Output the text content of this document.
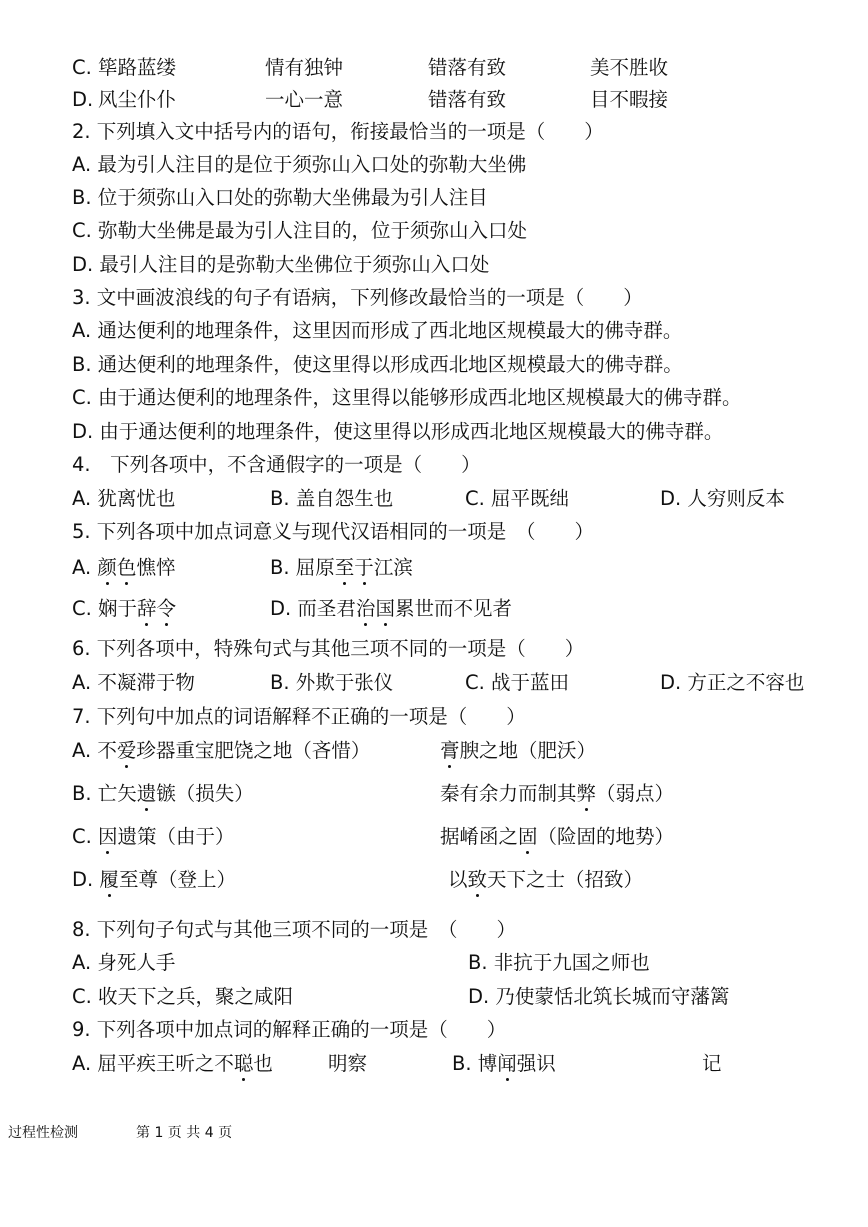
C. 筚路蓝缕	情有独钟	错落有致	美不胜收
D. 风尘仆仆	一心一意	错落有致	目不暇接
2. 下列填入文中括号内的语句，衔接最恰当的一项是（　　）
A. 最为引人注目的是位于须弥山入口处的弥勒大坐佛
B. 位于须弥山入口处的弥勒大坐佛最为引人注目
C. 弥勒大坐佛是最为引人注目的，位于须弥山入口处
D. 最引人注目的是弥勒大坐佛位于须弥山入口处
3. 文中画波浪线的句子有语病，下列修改最恰当的一项是（　　）
A. 通达便利的地理条件，这里因而形成了西北地区规模最大的佛寺群。
B. 通达便利的地理条件，使这里得以形成西北地区规模最大的佛寺群。
C. 由于通达便利的地理条件，这里得以能够形成西北地区规模最大的佛寺群。
D. 由于通达便利的地理条件，使这里得以形成西北地区规模最大的佛寺群。
4.　下列各项中，不含通假字的一项是（　　）
A. 犹离忧也	B. 盖自怨生也	C. 屈平既绌	D. 人穷则反本
5. 下列各项中加点词意义与现代汉语相同的一项是　（　　）
A. 颜色憔悴	B. 屈原至于江滨
C. 娴于辞令	D. 而圣君治国累世而不见者
6. 下列各项中，特殊句式与其他三项不同的一项是（　　）
A. 不凝滞于物	B. 外欺于张仪	C. 战于蓝田	D. 方正之不容也
7. 下列句中加点的词语解释不正确的一项是（　　）
A. 不爱珍器重宝肥饶之地（吝惜）	膏腴之地（肥沃）
B. 亡矢遗镞（损失）	秦有余力而制其弊（弱点）
C. 因遗策（由于）	据崤函之固（险固的地势）
D. 履至尊（登上）	以致天下之士（招致）
8. 下列句子句式与其他三项不同的一项是　（　　）
A. 身死人手	B. 非抗于九国之师也
C. 收天下之兵，聚之咸阳	D. 乃使蒙恬北筑长城而守藩篱
9. 下列各项中加点词的解释正确的一项是（　　）
A. 屈平疾王听之不聪也	明察	B. 博闻强识	记
过程性检测	第 1 页 共 4 页
